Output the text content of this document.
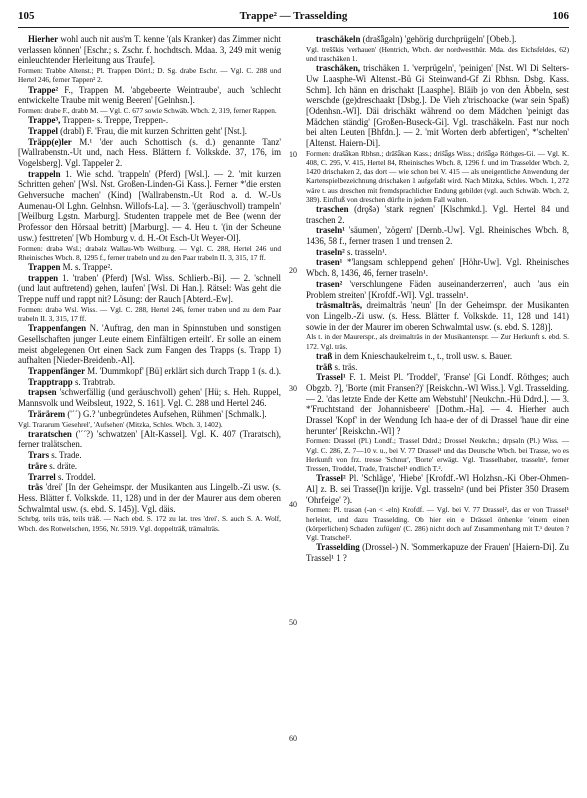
105	Trappe² — Trasselding	106

Hierher wohl auch nit aus'm T. kenne '(als Kranker) das Zimmer nicht verlassen können' [Eschr.; s. Zschr. f. hochdtsch. Mdaa. 3, 249 mit wenig einleuchtender Herleitung aus Traufe].

Formen: Trabbe Altenst.; Pl. Trappen Dörrl.; D. Sg. drabe Eschr. — Vgl. C. 288 und Hertel 246, ferner Tappen² 2.

Trappe² F., Trappen M. 'abgebeerte Weintraube', auch 'schlecht entwickelte Traube mit wenig Beeren' [Gelnhsn.].

Formen: drabe F., drabb M. — Vgl. C. 677 sowie Schwäb. Wbch. 2, 319, ferner Rappen.

Trappe³, Trappen- s. Treppe, Treppen-.

Trappel (drabl) F. 'Frau, die mit kurzen Schritten geht' [Nst.].

Träpp(e)ler M.¹ 'der auch Schottisch (s. d.) genannte Tanz' [Wallrabenstn.-Ut und, nach Hess. Blättern f. Volkskde. 37, 176, im Vogelsberg]. Vgl. Tappeler 2.

trappeln 1. Wie schd. 'trappeln' (Pferd) [Wsl.]. — 2. 'mit kurzen Schritten gehen' [Wsl. Nst. Großen-Linden-Gi Kass.]. Ferner *'die ersten Gehversuche machen' (Kind) [Wallrabenstn.-Ut Rod a. d. W.-Us Aumenau-Ol Lghn. Gelnhsn. Willofs-La]. — 3. '(geräuschvoll) trampeln' [Weilburg Lgstn. Marburg]. Studenten trappele met de Bee (wenn der Professor den Hörsaal betritt) [Marburg]. — 4. Heu t. '(in der Scheune usw.) festtreten' [Wb Homburg v. d. H.-Ot Esch-Ut Weyer-Ol].

Formen: drabə Wsl.; drabəlz Wallau-Wb Weilburg. — Vgl. C. 288, Hertel 246 und Rheinisches Wbch. 8, 1295 f., ferner trabeln und zu den Paar trabeln II. 3, 315, 17 ff.

Trappen M. s. Trappe².

trappen 1. 'traben' (Pferd) [Wsl. Wiss. Schlierb.-Bi]. — 2. 'schnell (und laut auftretend) gehen, laufen' [Wsl. Di Han.]. Rätsel: Was geht die Treppe nuff und rappt nit? Lösung: der Rauch [Abterd.-Ew].

Formen: drabə Wsl. Wiss. — Vgl. C. 288, Hertel 246, ferner traben und zu dem Paar trabeln II. 3, 315, 17 ff.

Trappenfangen N. 'Auftrag, den man in Spinnstuben und sonstigen Gesellschaften junger Leute einem Einfältigen erteilt'. Er solle an einem meist abgelegenen Ort einen Sack zum Fangen des Trapps (s. Trapp 1) aufhalten [Nieder-Breidenb.-Al].

Trappenfänger M. 'Dummkopf' [Bü] erklärt sich durch Trapp 1 (s. d.).

Trapptrapp s. Trabtrab.

trapsen 'schwerfällig (und geräuschvoll) gehen' [Hü; s. Heh. Ruppel, Mannsvolk und Weibsleut, 1922, S. 161]. Vgl. C. 288 und Hertel 246.

Trärärem ('´´) G.? 'unbegründetes Aufsehen, Rühmen' [Schmalk.].

Vgl. Trararum 'Gesehrel', 'Aufsehen' (Mitzka, Schles. Wbch. 3, 1402).

traratschen ('´´?) 'schwatzen' [Alt-Kassel]. Vgl. K. 407 (Traratsch), ferner tralätschen.

Trars s. Trade.

träre s. dräte.

Trarrel s. Troddel.

träs 'drei' [In der Geheimspr. der Musikanten aus Lingelb.-Zi usw. (s. Hess. Blätter f. Volkskde. 11, 128) und in der der Maurer aus dem oberen Schwalmtal usw. (s. ebd. S. 145)]. Vgl. däis.

Schrbg. teils träs, teils träß. — Nach ebd. S. 172 zu lat. tres 'drei'. S. auch S. A. Wolf, Wbch. des Rotwelschen, 1956, Nr. 5919. Vgl. doppelträß, trämalträs.

traschäkeln (drašǟgəln) 'gehörig durchprügeln' [Obeb.].

Vgl. trešškis 'verhauen' (Hentrich, Wbch. der nordwestthür. Mda. des Eichsfeldes, 62) und traschäken 1.

traschäken, trischäken 1. 'verprügeln', 'peinigen' [Nst. Wl Di Selters-Uw Laasphe-Wi Altenst.-Bü Gi Steinwand-Gf Zi Rbhsn. Dsbg. Kass. Schm]. Ich hänn en drischakt [Laasphe]. Bläib jo von den Äbbeln, sest werschde (ge)dreschaakt [Dsbg.]. De Vieh z'trischoacke (war sein Spaß) [Odenhsn.-Wl]. Däi drischäkt während oo dem Mädchen 'peinigt das Mädchen ständig' [Großen-Buseck-Gi]. Vgl. traschäkeln. Fast nur noch bei alten Leuten [Bhfdn.]. — 2. 'mit Worten derb abfertigen', *'schelten' [Altenst. Haiern-Di].

Formen: drašǟkən Rbhsn.; drāšǟkən Kass.; drišǟgs Wiss.; drišǟgə Röthges-Gi. — Vgl. K. 408, C. 295, V. 415, Hertel 84, Rheinisches Wbch. 8, 1296 f. und im Trasselder Wbch. 2, 1420 drischaken 2, das dort — wie schon bei V. 415 — als uneigentliche Anwendung der Kartenspielbezeichnung drischaken 1 aufgefaßt wird. Nach Mitzka, Schles. Wbch. 1, 272 wäre t. aus dreschen mit fremdsprachlicher Endung gebildet (vgl. auch Schwäb. Wbch. 2, 389). Einfluß von dreschen dürfte in jedem Fall walten.

traschen (drǫšə) 'stark regnen' [Klschmkd.]. Vgl. Hertel 84 und traschen 2.

traseln¹ 'säumen', 'zögern' [Dernb.-Uw]. Vgl. Rheinisches Wbch. 8, 1436, 58 f., ferner trasen 1 und trensen 2.

traseln² s. trasseln¹.

trasen¹ *'langsam schleppend gehen' [Höhr-Uw]. Vgl. Rheinisches Wbch. 8, 1436, 46, ferner traseln¹.

trasen² 'verschlungene Fäden auseinanderzerren', auch 'aus ein Problem streiten' [Krofdf.-Wl]. Vgl. trasseln¹.

träsmalträs, dreimalträs 'neun' [In der Geheimspr. der Musikanten von Lingelb.-Zi usw. (s. Hess. Blätter f. Volkskde. 11, 128 und 141) sowie in der der Maurer im oberen Schwalmtal usw. (s. ebd. S. 128)].

Als t. in der Maurerspr., als dreimalträs in der Musikantenspr. — Zur Herkunft s. ebd. S. 172. Vgl. träs.

traß in dem Knieschaukelreim t., t., troll usw. s. Bauer.

träß s. träs.

Trassel¹ F. 1. Meist Pl. 'Troddel', 'Franse' [Gi Londf. Röthges; auch Obgzb. ?], 'Borte (mit Fransen?)' [Reiskchn.-Wl Wiss.]. Vgl. Trasselding. — 2. 'das letzte Ende der Kette am Webstuhl' [Neukchn.-Hü Ddrd.]. — 3. *'Fruchtstand der Johannisbeere' [Dothm.-Ha]. — 4. Hierher auch Drassel 'Kopf' in der Wendung Ich haa-e der of di Drassel 'haue dir eine herunter' [Reiskchn.-Wl] ?

Formen: Drassel (Pl.) Londf.; Trassel Ddrd.; Drossel Neukchn.; drpsəln (Pl.) Wiss. — Vgl. C. 286, Z. 7—10 v. u., bei V. 77 Drassel¹ und das Deutsche Wbch. bei Trasse, wo es Herkunft von frz. tresse 'Schnur', 'Borte' erwägt. Vgl. Trasselhaber, trasseln¹, ferner Tressen, Troddel, Trade, Tratschel¹ endlich T.².

Trassel² Pl. 'Schläge', 'Hiebe' [Krofdf.-Wl Holzhsn.-Ki Ober-Ohmen-Al] z. B. sei Trasse(l)n krijje. Vgl. trasseln² (und bei Pfister 350 Drasem 'Ohrfeige' ?).

Formen: Pl. trasən (-ən < -eln) Krofdf. — Vgl. bei V. 77 Drassel², das er von Trassel¹ herleitet, und dazu Trasselding. Ob hier ein e Drässel önhenke 'einem einen (körperlichen) Schaden zufügen' (C. 286) nicht doch auf Zusammenhang mit T.¹ deuten ? Vgl. Tratschel².

Trasselding (Drossel-) N. 'Sommerkapuze der Frauen' [Haiern-Di]. Zu Trassel¹ 1 ?

10
20
30
40
50
60
